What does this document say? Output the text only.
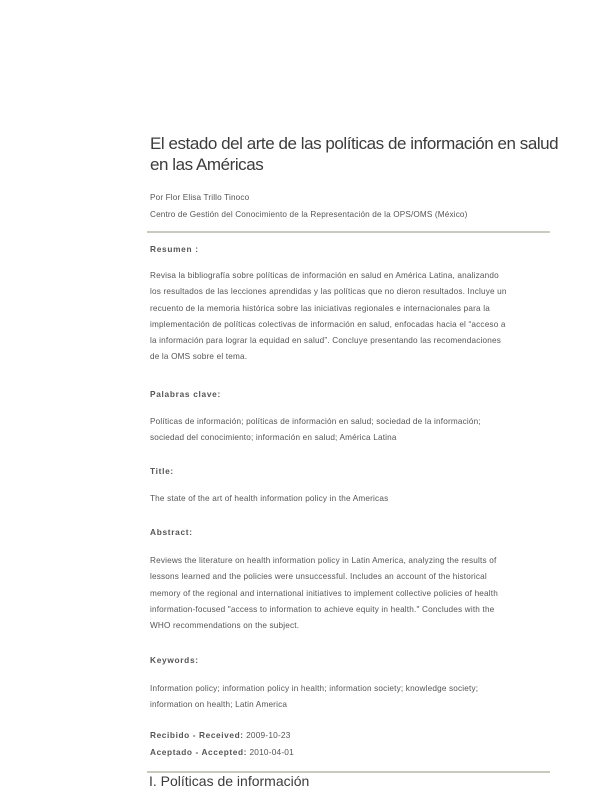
El estado del arte de las políticas de información en salud
en las Américas
Por Flor Elisa Trillo Tinoco
Centro de Gestión del Conocimiento de la Representación de la OPS/OMS (México)
Resumen :

Revisa la bibliografía sobre políticas de información en salud en América Latina, analizando
los resultados de las lecciones aprendidas y las políticas que no dieron resultados. Incluye un
recuento de la memoria histórica sobre las iniciativas regionales e internacionales para la
implementación de políticas colectivas de información en salud, enfocadas hacia el “acceso a
la información para lograr la equidad en salud”. Concluye presentando las recomendaciones
de la OMS sobre el tema.

Palabras clave:

Políticas de información; políticas de información en salud; sociedad de la información;
sociedad del conocimiento; información en salud; América Latina

Title:

The state of the art of health information policy in the Americas

Abstract:

Reviews the literature on health information policy in Latin America, analyzing the results of
lessons learned and the policies were unsuccessful. Includes an account of the historical
memory of the regional and international initiatives to implement collective policies of health
information-focused "access to information to achieve equity in health." Concludes with the
WHO recommendations on the subject.

Keywords:

Information policy; information policy in health; information society; knowledge society;
information on health; Latin America

Recibido - Received: 2009-10-23
Aceptado - Accepted: 2010-04-01
I. Políticas de información
